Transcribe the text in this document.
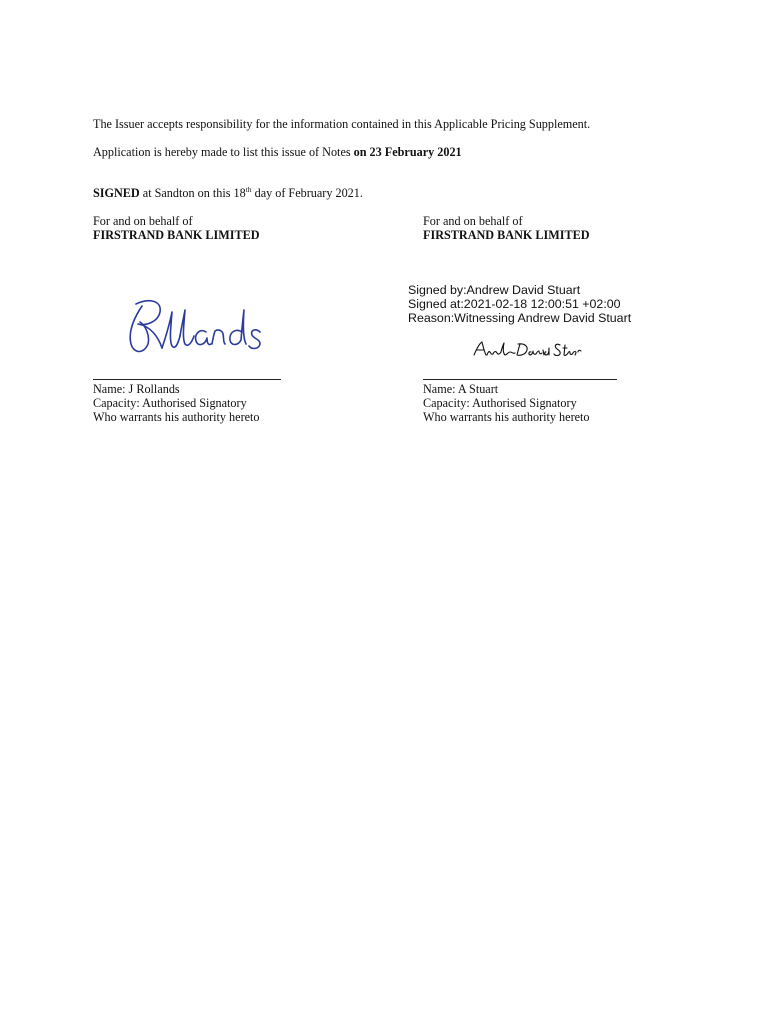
The Issuer accepts responsibility for the information contained in this Applicable Pricing Supplement.
Application is hereby made to list this issue of Notes on 23 February 2021
SIGNED at Sandton on this 18th day of February 2021.
For and on behalf of
FIRSTRAND BANK LIMITED
Rollands
Name: J Rollands
Capacity: Authorised Signatory
Who warrants his authority hereto
For and on behalf of
FIRSTRAND BANK LIMITED
Signed by:Andrew David Stuart
Signed at:2021-02-18 12:00:51 +02:00
Reason:Witnessing Andrew David Stuart
Andrew David Stuart
Name: A Stuart
Capacity: Authorised Signatory
Who warrants his authority hereto
